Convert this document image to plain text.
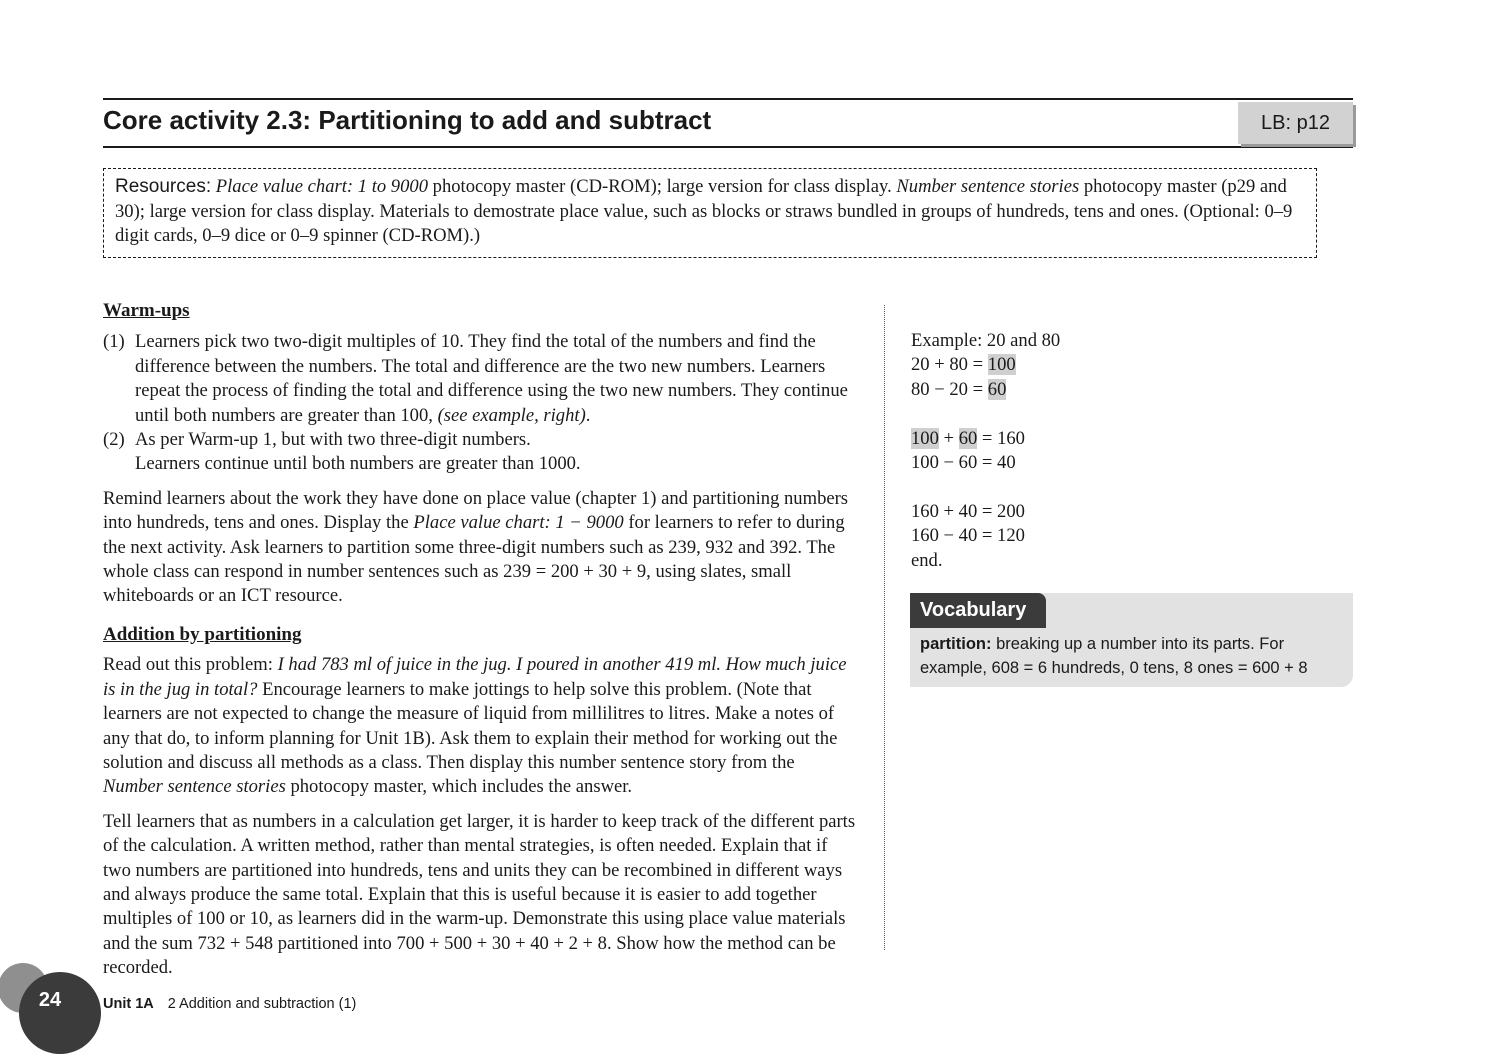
Core activity 2.3: Partitioning to add and subtract	LB: p12
Resources: Place value chart: 1 to 9000 photocopy master (CD-ROM); large version for class display. Number sentence stories photocopy master (p29 and 30); large version for class display. Materials to demostrate place value, such as blocks or straws bundled in groups of hundreds, tens and ones. (Optional: 0–9 digit cards, 0–9 dice or 0–9 spinner (CD-ROM).)

Warm-ups

(1) Learners pick two two-digit multiples of 10. They find the total of the numbers and find the difference between the numbers. The total and difference are the two new numbers. Learners repeat the process of finding the total and difference using the two new numbers. They continue until both numbers are greater than 100, (see example, right).
(2) As per Warm-up 1, but with two three-digit numbers.
Learners continue until both numbers are greater than 1000.

Remind learners about the work they have done on place value (chapter 1) and partitioning numbers into hundreds, tens and ones. Display the Place value chart: 1 − 9000 for learners to refer to during the next activity. Ask learners to partition some three-digit numbers such as 239, 932 and 392. The whole class can respond in number sentences such as 239 = 200 + 30 + 9, using slates, small whiteboards or an ICT resource.

Addition by partitioning

Read out this problem: I had 783 ml of juice in the jug. I poured in another 419 ml. How much juice is in the jug in total? Encourage learners to make jottings to help solve this problem. (Note that learners are not expected to change the measure of liquid from millilitres to litres. Make a notes of any that do, to inform planning for Unit 1B). Ask them to explain their method for working out the solution and discuss all methods as a class. Then display this number sentence story from the Number sentence stories photocopy master, which includes the answer.

Tell learners that as numbers in a calculation get larger, it is harder to keep track of the different parts of the calculation. A written method, rather than mental strategies, is often needed. Explain that if two numbers are partitioned into hundreds, tens and units they can be recombined in different ways and always produce the same total. Explain that this is useful because it is easier to add together multiples of 100 or 10, as learners did in the warm-up. Demonstrate this using place value materials and the sum 732 + 548 partitioned into 700 + 500 + 30 + 40 + 2 + 8. Show how the method can be recorded.

Example: 20 and 80
20 + 80 = 100
80 − 20 = 60
100 + 60 = 160
100 − 60 = 40
160 + 40 = 200
160 − 40 = 120
end.
Vocabulary
partition: breaking up a number into its parts. For example, 608 = 6 hundreds, 0 tens, 8 ones = 600 + 8
24	Unit 1A 2 Addition and subtraction (1)
